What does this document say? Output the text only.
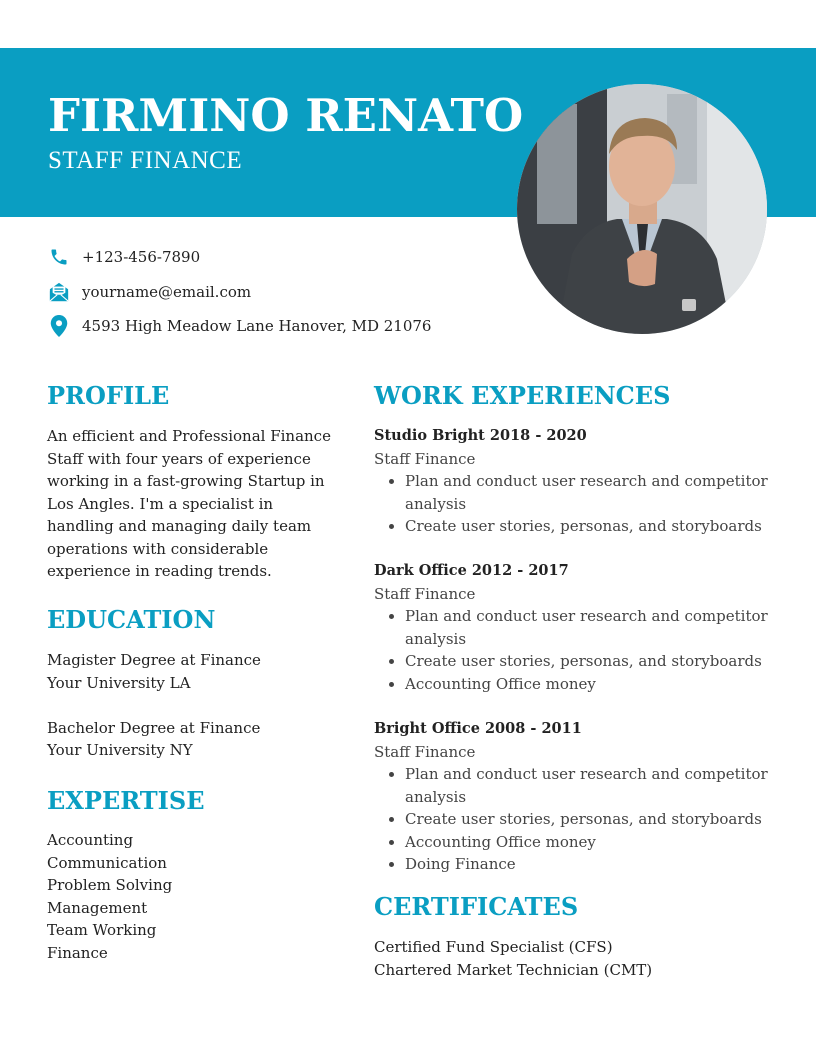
FIRMINO RENATO
STAFF FINANCE
+123-456-7890
yourname@email.com
4593 High Meadow Lane Hanover, MD 21076
PROFILE
An efficient and Professional Finance Staff with four years of experience working in a fast-growing Startup in Los Angles. I'm a specialist in handling and managing daily team operations with considerable experience in reading trends.
EDUCATION
Magister Degree at Finance
Your University LA
Bachelor Degree at Finance
Your University NY
EXPERTISE
Accounting
Communication
Problem Solving
Management
Team Working
Finance
WORK EXPERIENCES
Studio Bright 2018 - 2020
Staff Finance
• Plan and conduct user research and competitor analysis
• Create user stories, personas, and storyboards
Dark Office 2012 - 2017
Staff Finance
• Plan and conduct user research and competitor analysis
• Create user stories, personas, and storyboards
• Accounting Office money
Bright Office 2008 - 2011
Staff Finance
• Plan and conduct user research and competitor analysis
• Create user stories, personas, and storyboards
• Accounting Office money
• Doing Finance
CERTIFICATES
Certified Fund Specialist (CFS)
Chartered Market Technician (CMT)
